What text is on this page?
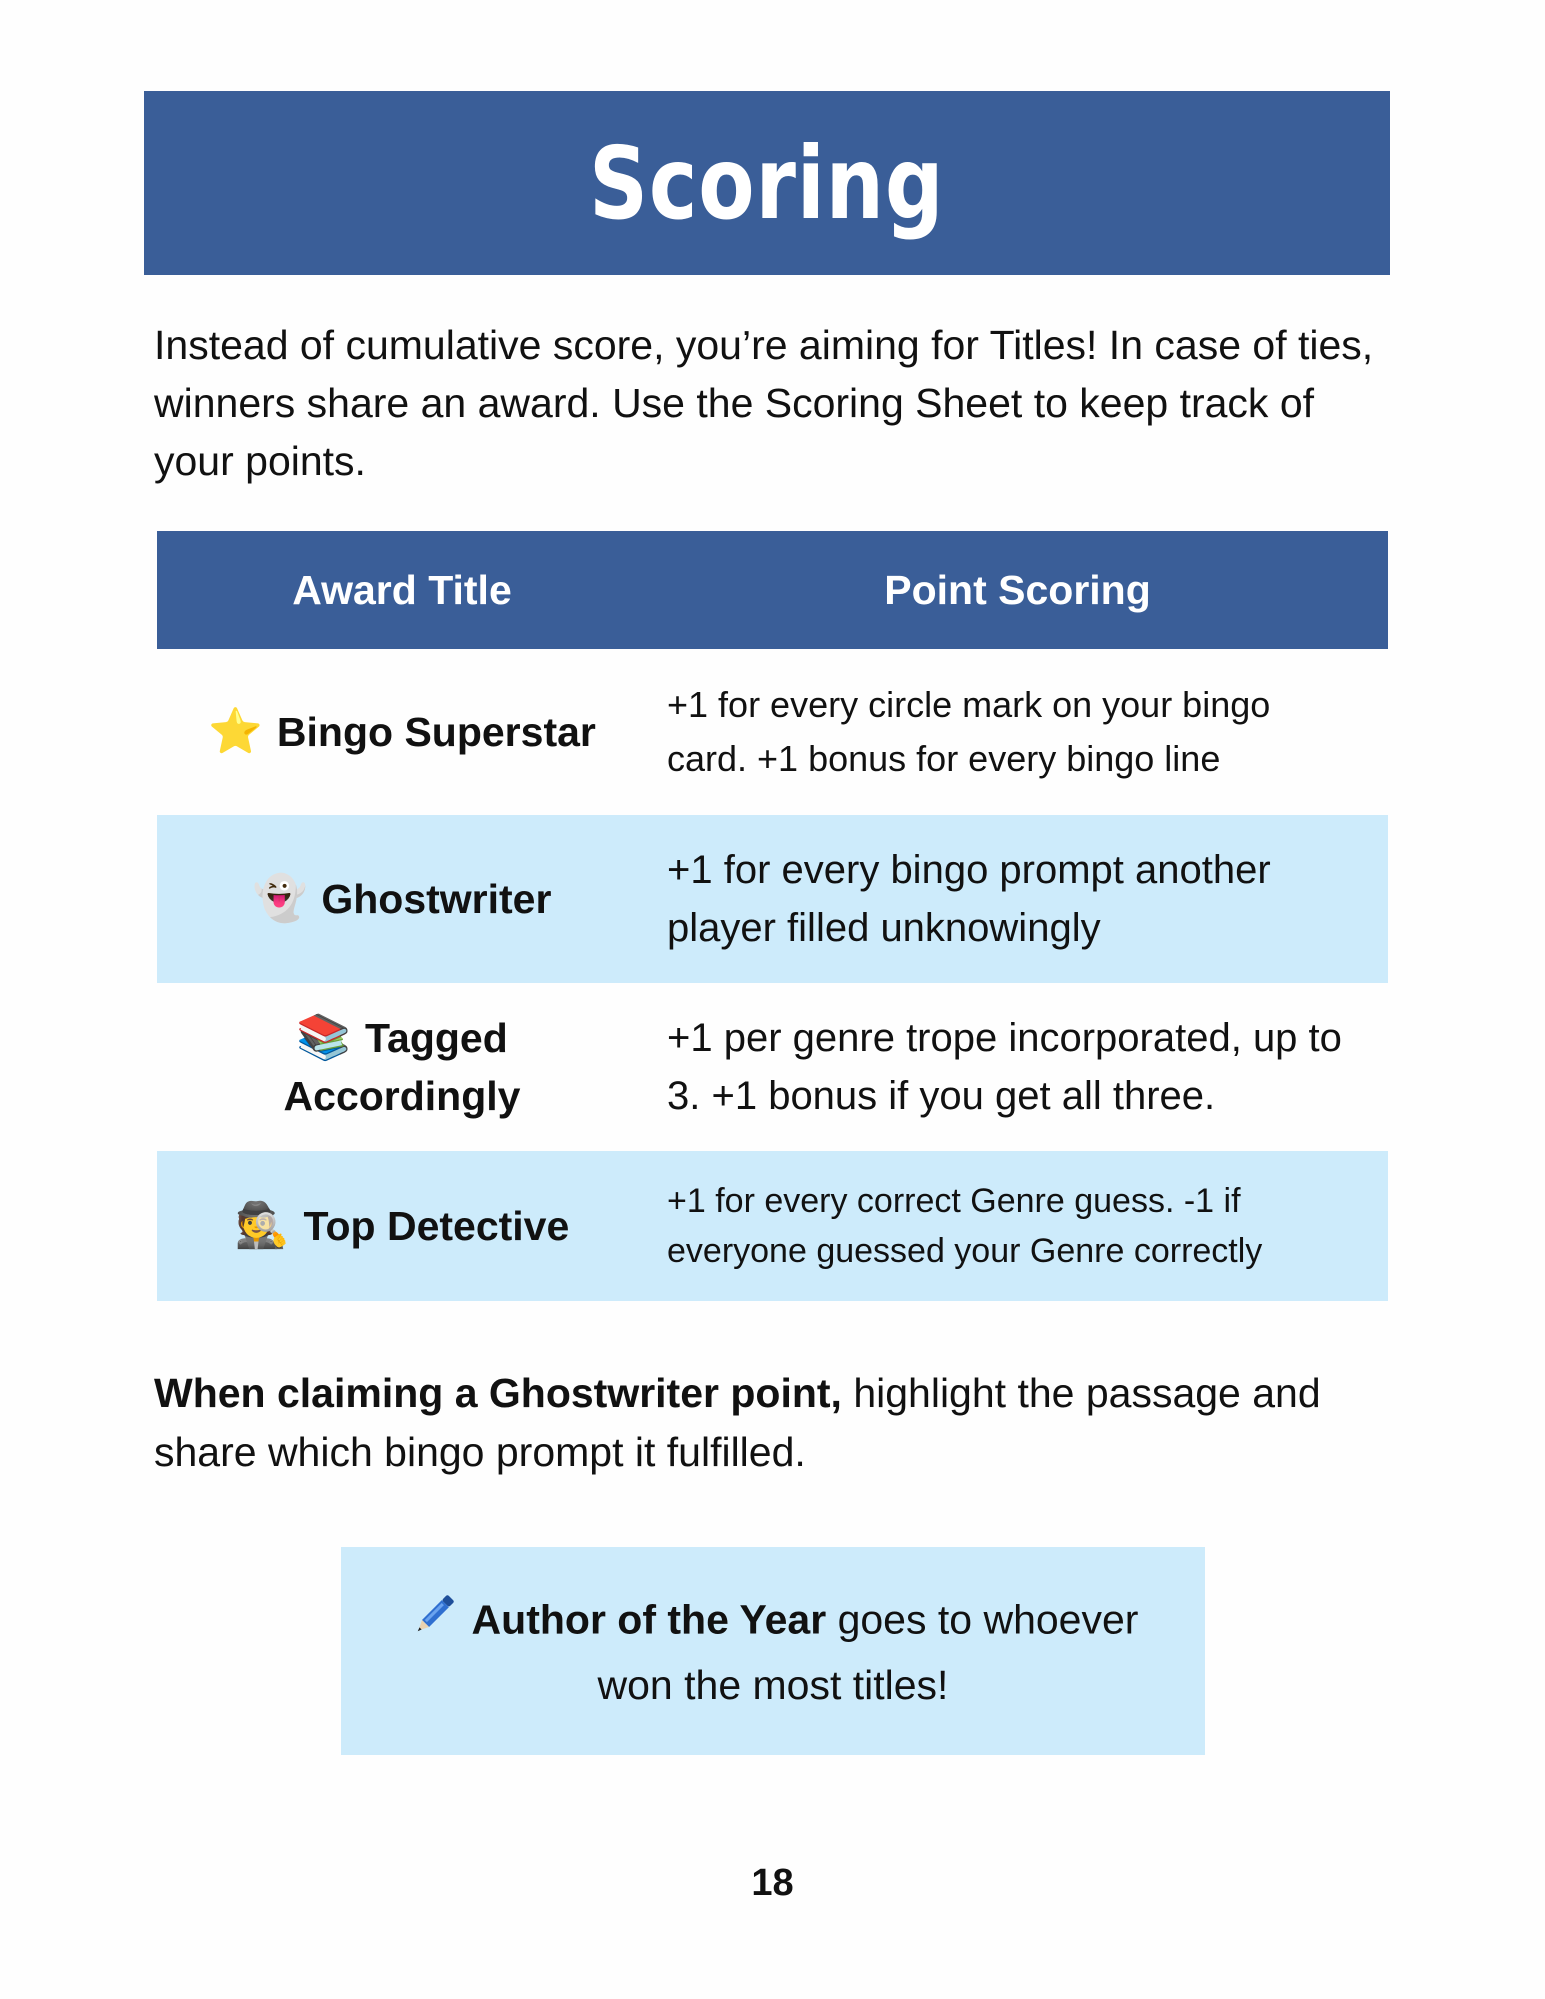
Scoring
Instead of cumulative score, you’re aiming for Titles! In case of ties, winners share an award. Use the Scoring Sheet to keep track of your points.
Award Title	Point Scoring
⭐ Bingo Superstar
+1 for every circle mark on your bingo card. +1 bonus for every bingo line
👻 Ghostwriter
+1 for every bingo prompt another player filled unknowingly
📚 Tagged
Accordingly
+1 per genre trope incorporated, up to 3. +1 bonus if you get all three.
🕵 Top Detective
+1 for every correct Genre guess. -1 if everyone guessed your Genre correctly
When claiming a Ghostwriter point, highlight the passage and share which bingo prompt it fulfilled.
Author of the Year goes to whoever
won the most titles!
18
